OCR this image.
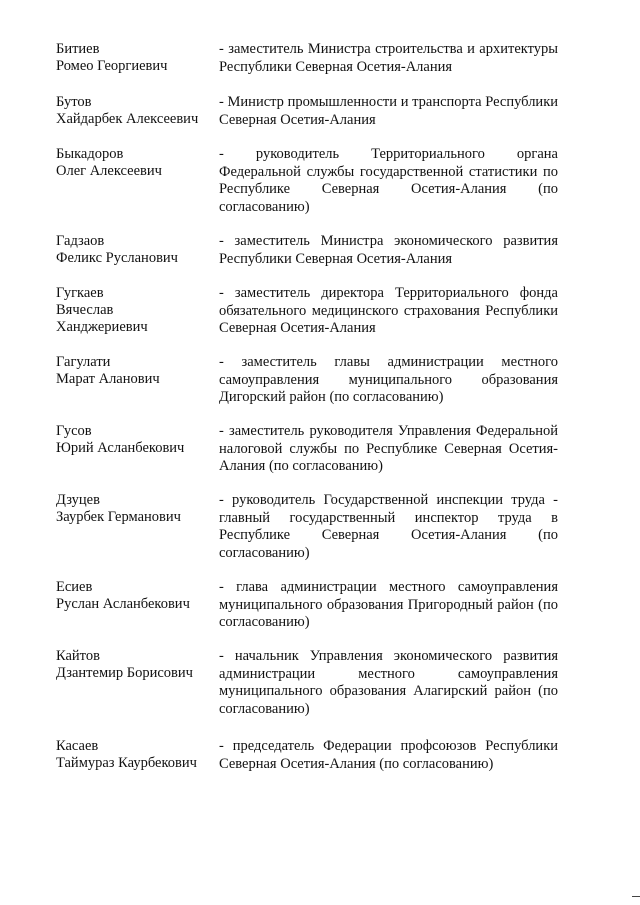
Битиев
Ромео Георгиевич
- заместитель Министра строительства и архитектуры Республики Северная Осетия-Алания
Бутов
Хайдарбек Алексеевич
- Министр промышленности и транспорта Республики Северная Осетия-Алания
Быкадоров
Олег Алексеевич
- руководитель Территориального органа Федеральной службы государственной статистики по Республике Северная Осетия-Алания (по согласованию)
Гадзаов
Феликс Русланович
- заместитель Министра экономического развития Республики Северная Осетия-Алания
Гугкаев
Вячеслав
Ханджериевич
- заместитель директора Территориального фонда обязательного медицинского страхования Республики Северная Осетия-Алания
Гагулати
Марат Аланович
- заместитель главы администрации местного самоуправления муниципального образования Дигорский район (по согласованию)
Гусов
Юрий Асланбекович
- заместитель руководителя Управления Федеральной налоговой службы по Республике Северная Осетия-Алания (по согласованию)
Дзуцев
Заурбек Германович
- руководитель Государственной инспекции труда - главный государственный инспектор труда в Республике Северная Осетия-Алания (по согласованию)
Есиев
Руслан Асланбекович
- глава администрации местного самоуправления муниципального образования Пригородный район (по согласованию)
Кайтов
Дзантемир Борисович
- начальник Управления экономического развития администрации местного самоуправления муниципального образования Алагирский район (по согласованию)
Касаев
Таймураз Каурбекович
- председатель Федерации профсоюзов Республики Северная Осетия-Алания (по согласованию)
